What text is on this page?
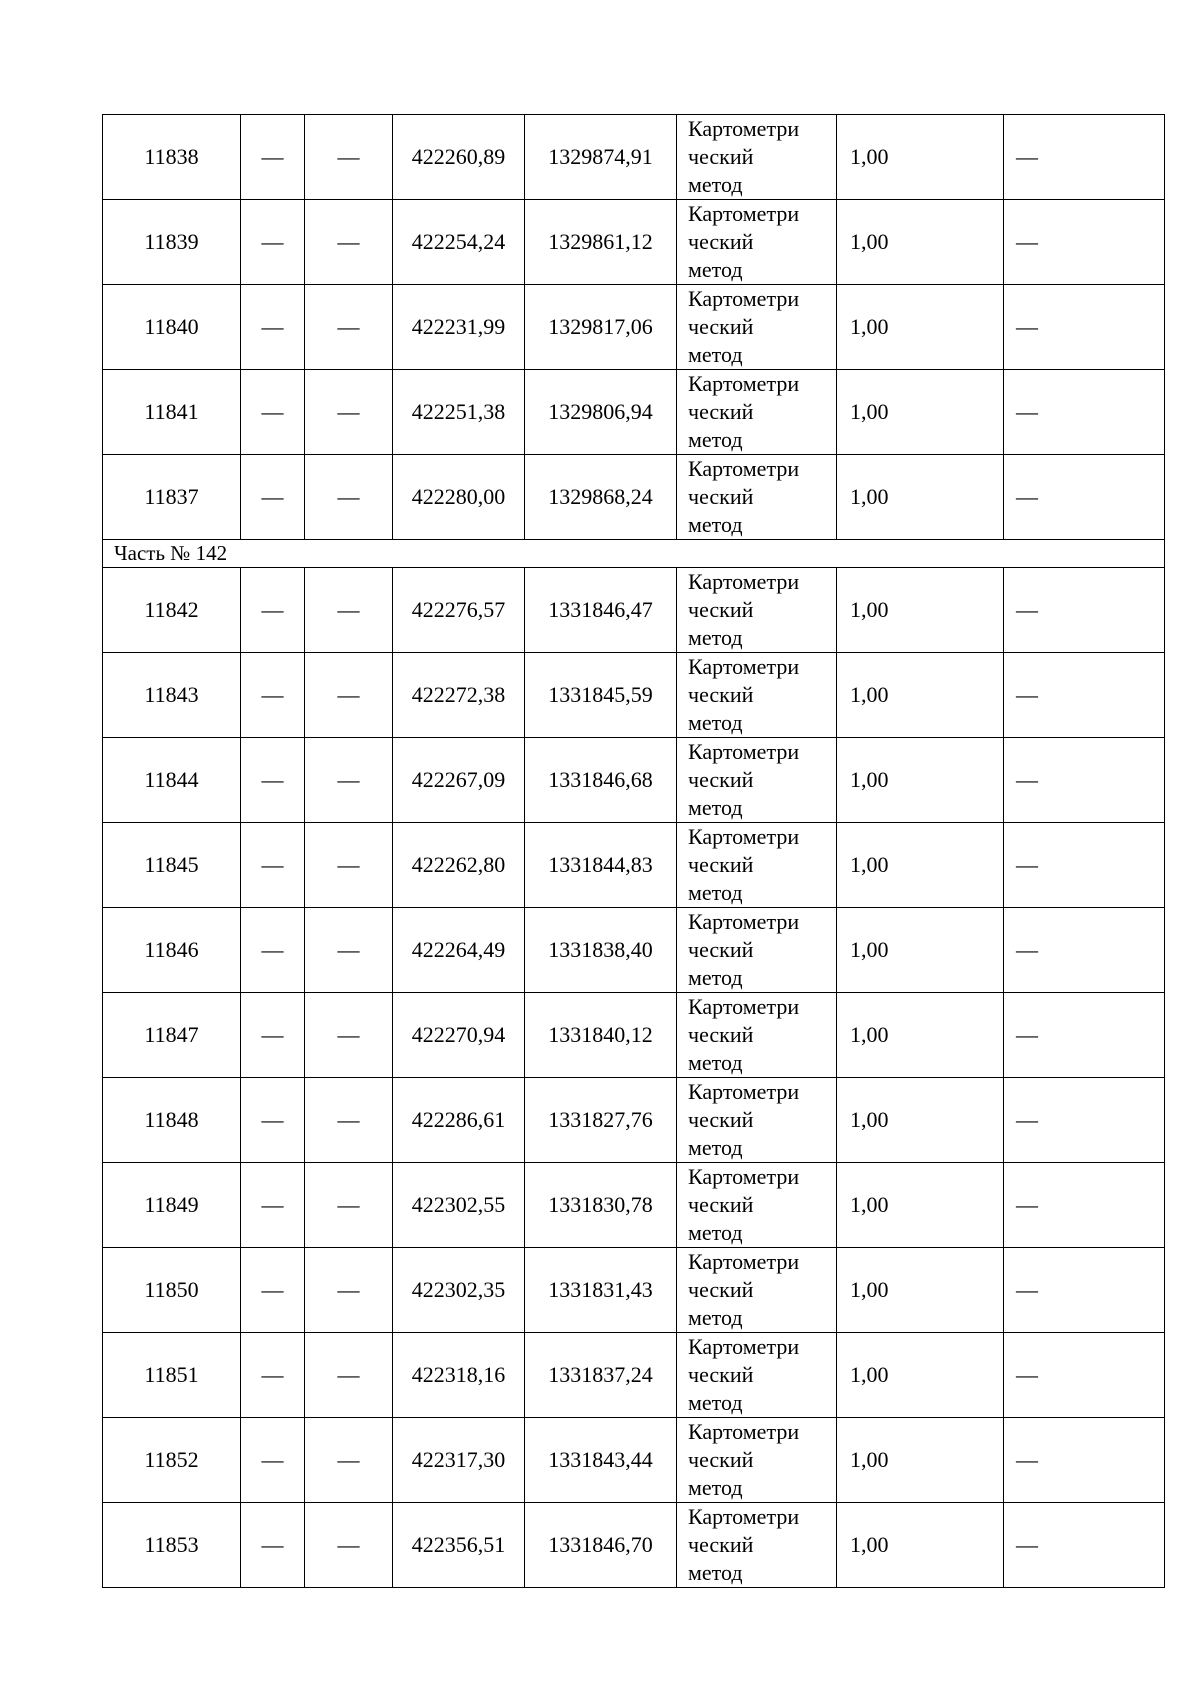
11838	—	—	422260,89	1329874,91	Картометри
ческий
метод	1,00	—
11839	—	—	422254,24	1329861,12	Картометри
ческий
метод	1,00	—
11840	—	—	422231,99	1329817,06	Картометри
ческий
метод	1,00	—
11841	—	—	422251,38	1329806,94	Картометри
ческий
метод	1,00	—
11837	—	—	422280,00	1329868,24	Картометри
ческий
метод	1,00	—
Часть № 142							
11842	—	—	422276,57	1331846,47	Картометри
ческий
метод	1,00	—
11843	—	—	422272,38	1331845,59	Картометри
ческий
метод	1,00	—
11844	—	—	422267,09	1331846,68	Картометри
ческий
метод	1,00	—
11845	—	—	422262,80	1331844,83	Картометри
ческий
метод	1,00	—
11846	—	—	422264,49	1331838,40	Картометри
ческий
метод	1,00	—
11847	—	—	422270,94	1331840,12	Картометри
ческий
метод	1,00	—
11848	—	—	422286,61	1331827,76	Картометри
ческий
метод	1,00	—
11849	—	—	422302,55	1331830,78	Картометри
ческий
метод	1,00	—
11850	—	—	422302,35	1331831,43	Картометри
ческий
метод	1,00	—
11851	—	—	422318,16	1331837,24	Картометри
ческий
метод	1,00	—
11852	—	—	422317,30	1331843,44	Картометри
ческий
метод	1,00	—
11853	—	—	422356,51	1331846,70	Картометри
ческий
метод	1,00	—
